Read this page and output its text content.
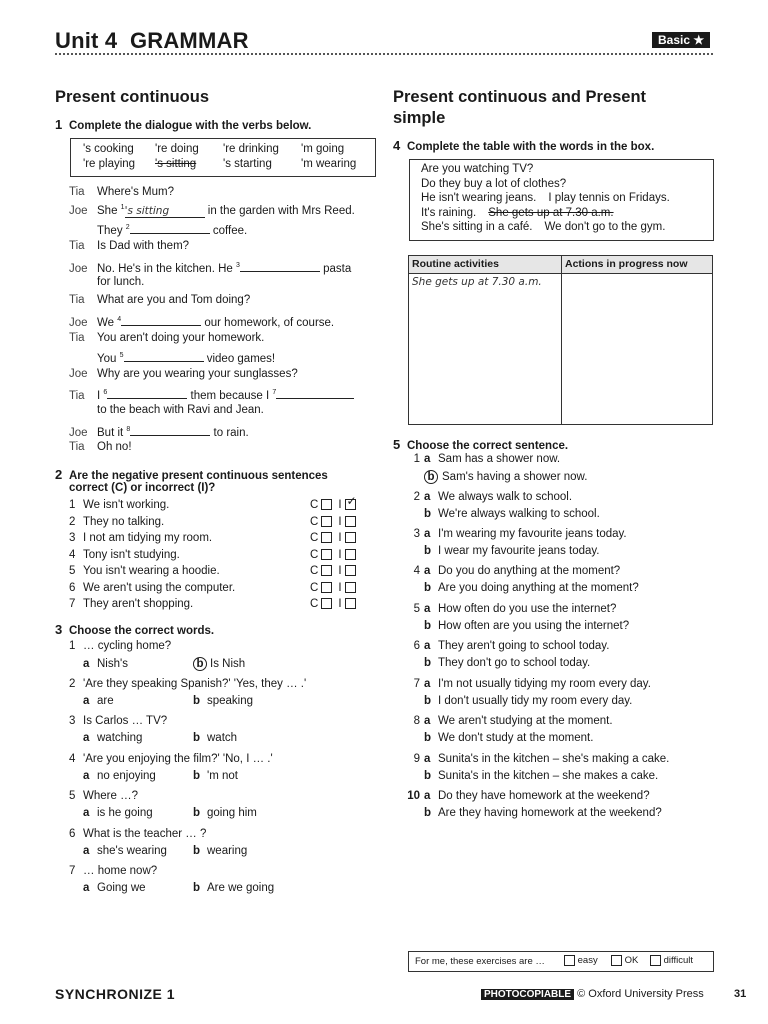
Unit 4 GRAMMAR	Basic ★
Present continuous
1 Complete the dialogue with the verbs below.
's cooking 're doing 're drinking 'm going
're playing 's sitting 's starting	'm wearing
Tia Where's Mum?
Joe She $^1$'s sitting	in the garden with Mrs Reed.
They $^2$	coffee.
Tia Is Dad with them?
Joe No. He's in the kitchen. He $^3$	pasta
for lunch.
Tia What are you and Tom doing?
Joe We $^4$	our homework, of course.
Tia You aren't doing your homework.
You $^5$	video games!
Joe Why are you wearing your sunglasses?
Tia I $^6$	them because I $^7$
to the beach with Ravi and Jean.
Joe But it $^8$	to rain.
Tia Oh no!
2 Are the negative present continuous sentences
correct (C) or incorrect (I)?
1 We isn't working.	C I ✓
2 They no talking.	C I
3 I not am tidying my room.	C I
4 Tony isn't studying.	C I
5 You isn't wearing a hoodie.	C I
6 We aren't using the computer.	C I
7 They aren't shopping.	C I
3 Choose the correct words.
1 … cycling home?
a Nish's	b Is Nish
2 'Are they speaking Spanish?' 'Yes, they … .'
a are	b speaking
3 Is Carlos … TV?
a watching	b watch
4 'Are you enjoying the film?' 'No, I … .'
a no enjoying	b 'm not
5 Where …?
a is he going	b going him
6 What is the teacher … ?
a she's wearing b wearing
7 … home now?
a Going we	b Are we going
Present continuous and Present
simple
4 Complete the table with the words in the box.
Are you watching TV?
Do they buy a lot of clothes?
He isn't wearing jeans. I play tennis on Fridays.
It's raining. She gets up at 7.30 a.m.
She's sitting in a café. We don't go to the gym.
Routine activities	Actions in progress now
She gets up at 7.30 a.m.	
5 Choose the correct sentence.
1 a Sam has a shower now.
b Sam's having a shower now.
2 a We always walk to school.
b We're always walking to school.
3 a I'm wearing my favourite jeans today.
b I wear my favourite jeans today.
4 a Do you do anything at the moment?
b Are you doing anything at the moment?
5 a How often do you use the internet?
b How often are you using the internet?
6 a They aren't going to school today.
b They don't go to school today.
7 a I'm not usually tidying my room every day.
b I don't usually tidy my room every day.
8 a We aren't studying at the moment.
b We don't study at the moment.
9 a Sunita's in the kitchen – she's making a cake.
b Sunita's in the kitchen – she makes a cake.
10 a Do they have homework at the weekend?
b Are they having homework at the weekend?
For me, these exercises are …	easy	OK	difficult
SYNCHRONIZE 1	PHOTOCOPIABLE © Oxford University Press	31
